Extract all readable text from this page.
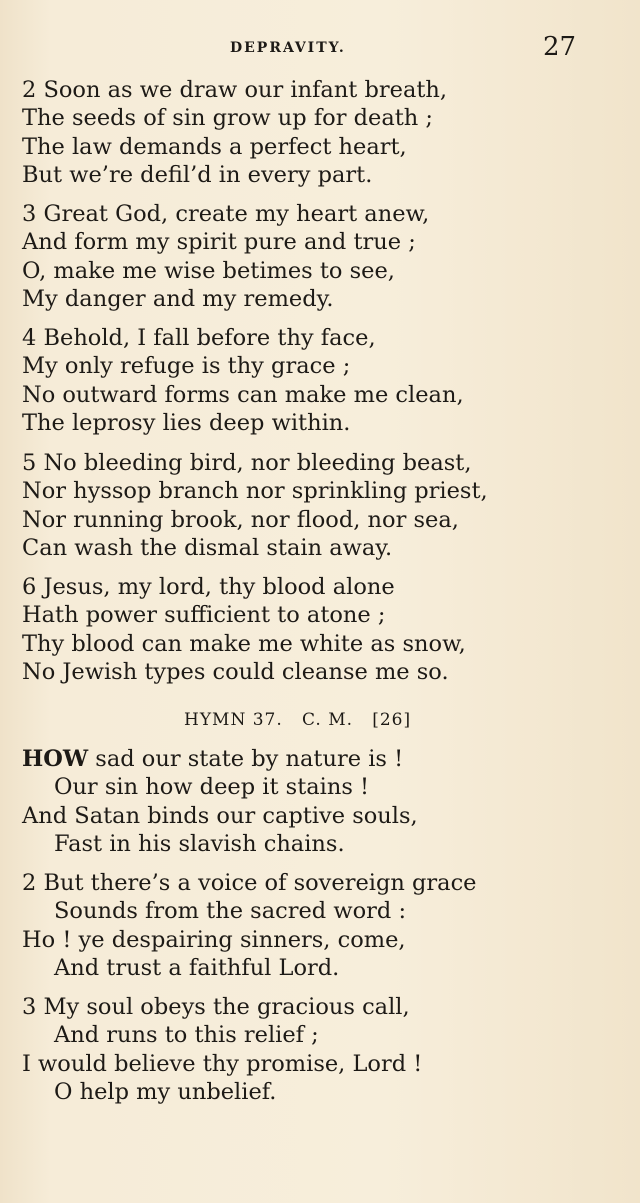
DEPRAVITY.	27
2 Soon as we draw our infant breath,
The seeds of sin grow up for death ;
The law demands a perfect heart,
But we’re defil’d in every part.
3 Great God, create my heart anew,
And form my spirit pure and true ;
O, make me wise betimes to see,
My danger and my remedy.
4 Behold, I fall before thy face,
My only refuge is thy grace ;
No outward forms can make me clean,
The leprosy lies deep within.
5 No bleeding bird, nor bleeding beast,
Nor hyssop branch nor sprinkling priest,
Nor running brook, nor flood, nor sea,
Can wash the dismal stain away.
6 Jesus, my lord, thy blood alone
Hath power sufficient to atone ;
Thy blood can make me white as snow,
No Jewish types could cleanse me so.
HYMN 37.   C. M.   [26]
HOW sad our state by nature is !
Our sin how deep it stains !
And Satan binds our captive souls,
Fast in his slavish chains.
2 But there’s a voice of sovereign grace
Sounds from the sacred word :
Ho ! ye despairing sinners, come,
And trust a faithful Lord.
3 My soul obeys the gracious call,
And runs to this relief ;
I would believe thy promise, Lord !
O help my unbelief.
